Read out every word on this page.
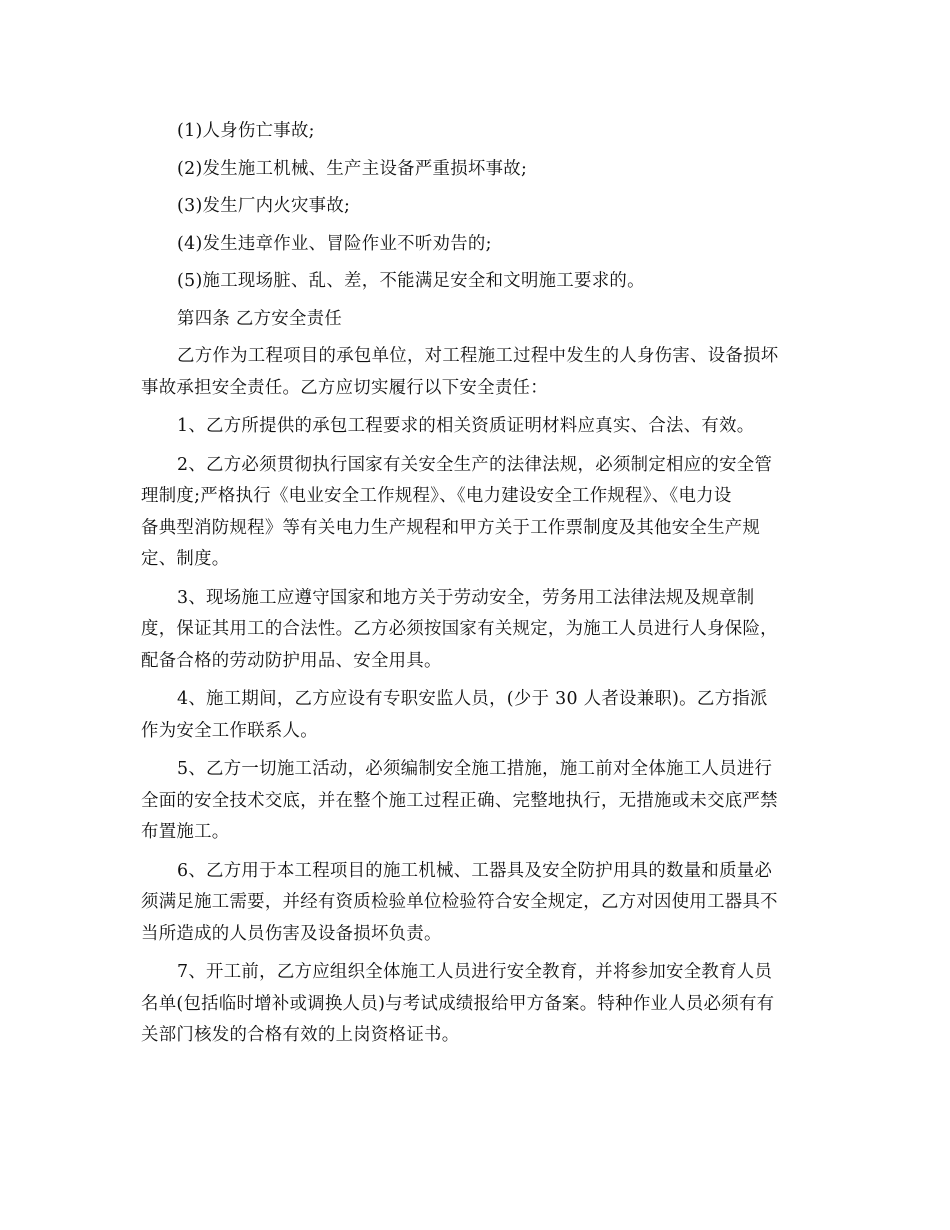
(1)人身伤亡事故;

(2)发生施工机械、生产主设备严重损坏事故;

(3)发生厂内火灾事故;

(4)发生违章作业、冒险作业不听劝告的;

(5)施工现场脏、乱、差，不能满足安全和文明施工要求的。

第四条 乙方安全责任

乙方作为工程项目的承包单位，对工程施工过程中发生的人身伤害、设备损坏

事故承担安全责任。乙方应切实履行以下安全责任：

1、乙方所提供的承包工程要求的相关资质证明材料应真实、合法、有效。

2、乙方必须贯彻执行国家有关安全生产的法律法规，必须制定相应的安全管

理制度;严格执行《电业安全工作规程》、《电力建设安全工作规程》、《电力设

备典型消防规程》等有关电力生产规程和甲方关于工作票制度及其他安全生产规

定、制度。

3、现场施工应遵守国家和地方关于劳动安全，劳务用工法律法规及规章制

度，保证其用工的合法性。乙方必须按国家有关规定，为施工人员进行人身保险，

配备合格的劳动防护用品、安全用具。

4、施工期间，乙方应设有专职安监人员，(少于 30 人者设兼职)。乙方指派

作为安全工作联系人。

5、乙方一切施工活动，必须编制安全施工措施，施工前对全体施工人员进行

全面的安全技术交底，并在整个施工过程正确、完整地执行，无措施或未交底严禁

布置施工。

6、乙方用于本工程项目的施工机械、工器具及安全防护用具的数量和质量必

须满足施工需要，并经有资质检验单位检验符合安全规定，乙方对因使用工器具不

当所造成的人员伤害及设备损坏负责。

7、开工前，乙方应组织全体施工人员进行安全教育，并将参加安全教育人员

名单(包括临时增补或调换人员)与考试成绩报给甲方备案。特种作业人员必须有有

关部门核发的合格有效的上岗资格证书。
